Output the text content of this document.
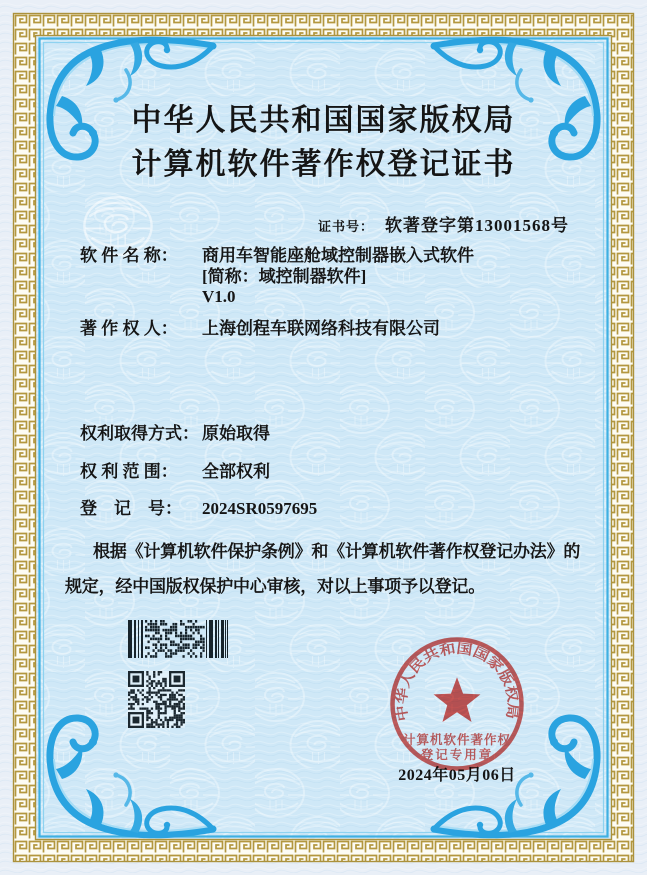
中华人民共和国国家版权局
计算机软件著作权登记证书

证书号： 软著登字第13001568号

软 件 名 称： 商用车智能座舱域控制器嵌入式软件
[简称：域控制器软件]
V1.0
著 作 权 人： 上海创程车联网络科技有限公司
权利取得方式： 原始取得
权 利 范 围： 全部权利
登　记　号： 2024SR0597695
根据《计算机软件保护条例》和《计算机软件著作权登记办法》的
规定，经中国版权保护中心审核，对以上事项予以登记。
中华人民共和国国家版权局
计算机软件著作权
登记专用章
2024年05月06日
